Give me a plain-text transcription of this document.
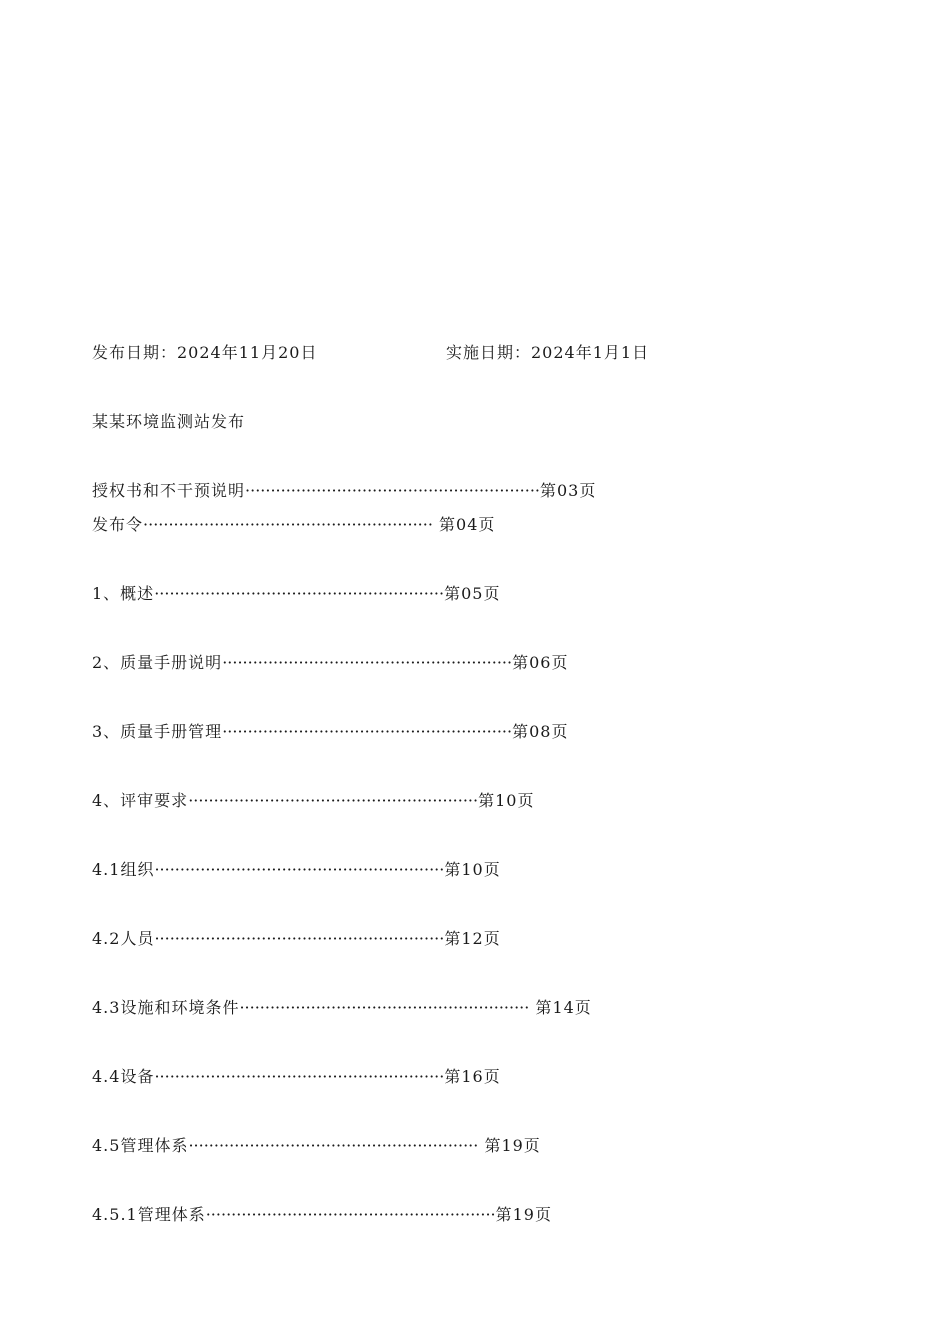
发布日期：2024年11月20日	实施日期：2024年1月1日
某某环境监测站发布
授权书和不干预说明··························································第03页
发布令························································· 第04页
1、概述·························································第05页
2、质量手册说明·························································第06页
3、质量手册管理·························································第08页
4、评审要求·························································第10页
4.1组织·························································第10页
4.2人员·························································第12页
4.3设施和环境条件························································· 第14页
4.4设备·························································第16页
4.5管理体系························································· 第19页
4.5.1管理体系·························································第19页
